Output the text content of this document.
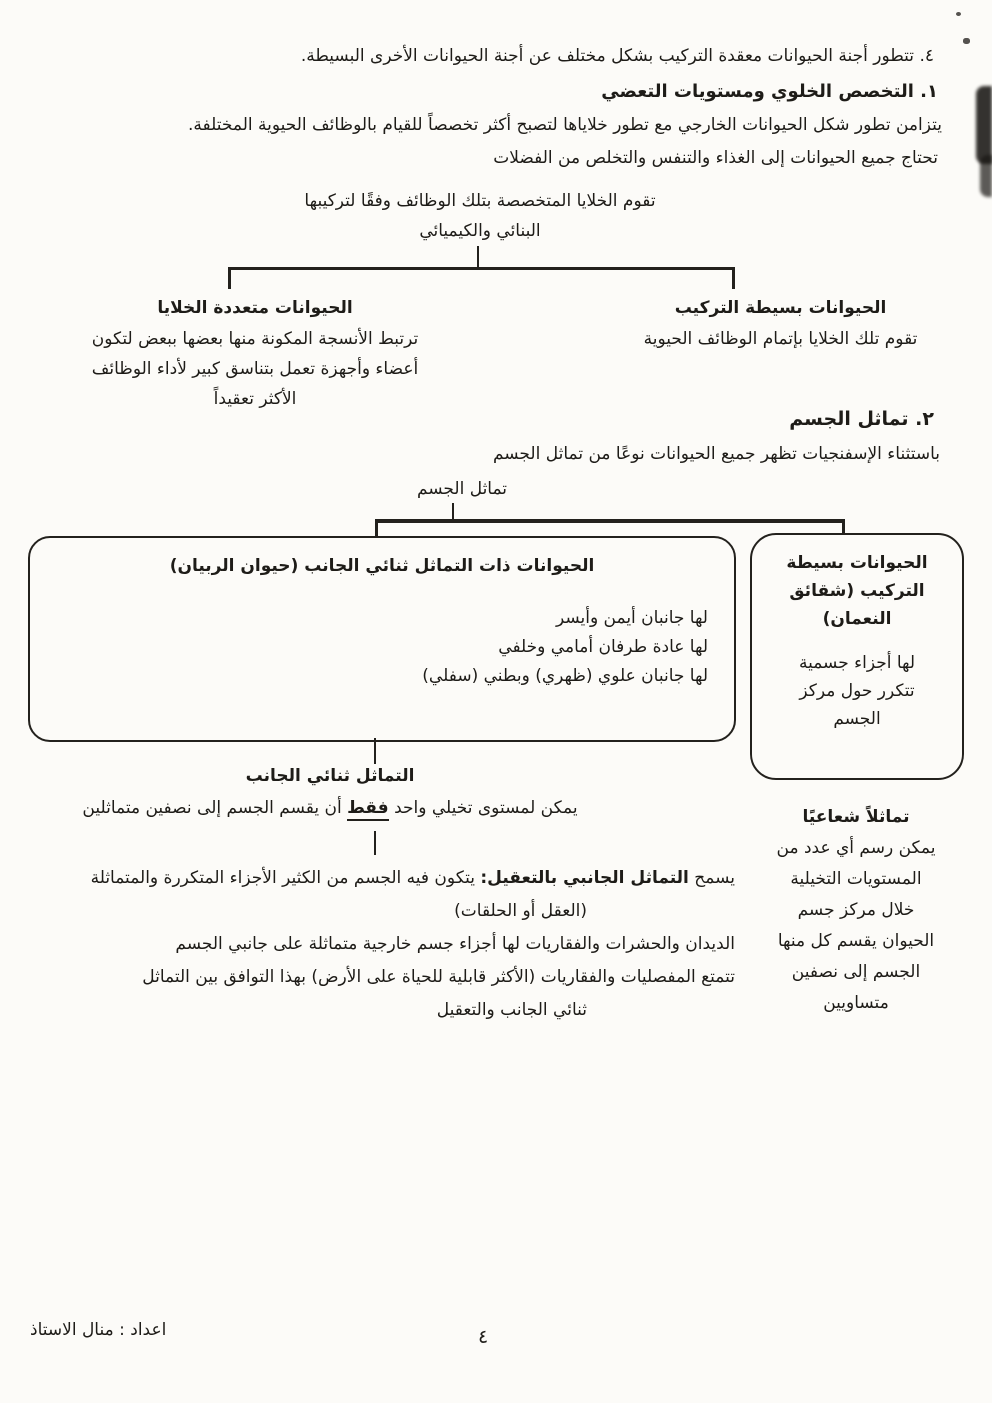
٤. تتطور أجنة الحيوانات معقدة التركيب بشكل مختلف عن أجنة الحيوانات الأخرى البسيطة.
١. التخصص الخلوي ومستويات التعضي
يتزامن تطور شكل الحيوانات الخارجي مع تطور خلاياها لتصبح أكثر تخصصاً للقيام بالوظائف الحيوية المختلفة.
تحتاج جميع الحيوانات إلى الغذاء والتنفس والتخلص من الفضلات
تقوم الخلايا المتخصصة بتلك الوظائف وفقًا لتركيبها
البنائي والكيميائي
الحيوانات متعددة الخلايا
ترتبط الأنسجة المكونة منها بعضها ببعض لتكون
أعضاء وأجهزة تعمل بتناسق كبير لأداء الوظائف
الأكثر تعقيداً
الحيوانات بسيطة التركيب
تقوم تلك الخلايا بإتمام الوظائف الحيوية
٢. تماثل الجسم
باستثناء الإسفنجيات تظهر جميع الحيوانات نوعًا من تماثل الجسم
تماثل الجسم
الحيوانات ذات التماثل ثنائي الجانب (حيوان الربيان)
لها جانبان أيمن وأيسر
لها عادة طرفان أمامي وخلفي
لها جانبان علوي (ظهري) وبطني (سفلي)
الحيوانات بسيطة
التركيب (شقائق
النعمان)
لها أجزاء جسمية
تتكرر حول مركز
الجسم
التماثل ثنائي الجانب
يمكن لمستوى تخيلي واحد فقط أن يقسم الجسم إلى نصفين متماثلين
يسمح التماثل الجانبي بالتعقيل: يتكون فيه الجسم من الكثير الأجزاء المتكررة والمتماثلة
(العقل أو الحلقات)
الديدان والحشرات والفقاريات لها أجزاء جسم خارجية متماثلة على جانبي الجسم
تتمتع المفصليات والفقاريات (الأكثر قابلية للحياة على الأرض) بهذا التوافق بين التماثل
ثنائي الجانب والتعقيل
تماثلاً شعاعيًا
يمكن رسم أي عدد من
المستويات التخيلية
خلال مركز جسم
الحيوان يقسم كل منها
الجسم إلى نصفين
متساويين
اعداد : منال الاستاذ	٤
